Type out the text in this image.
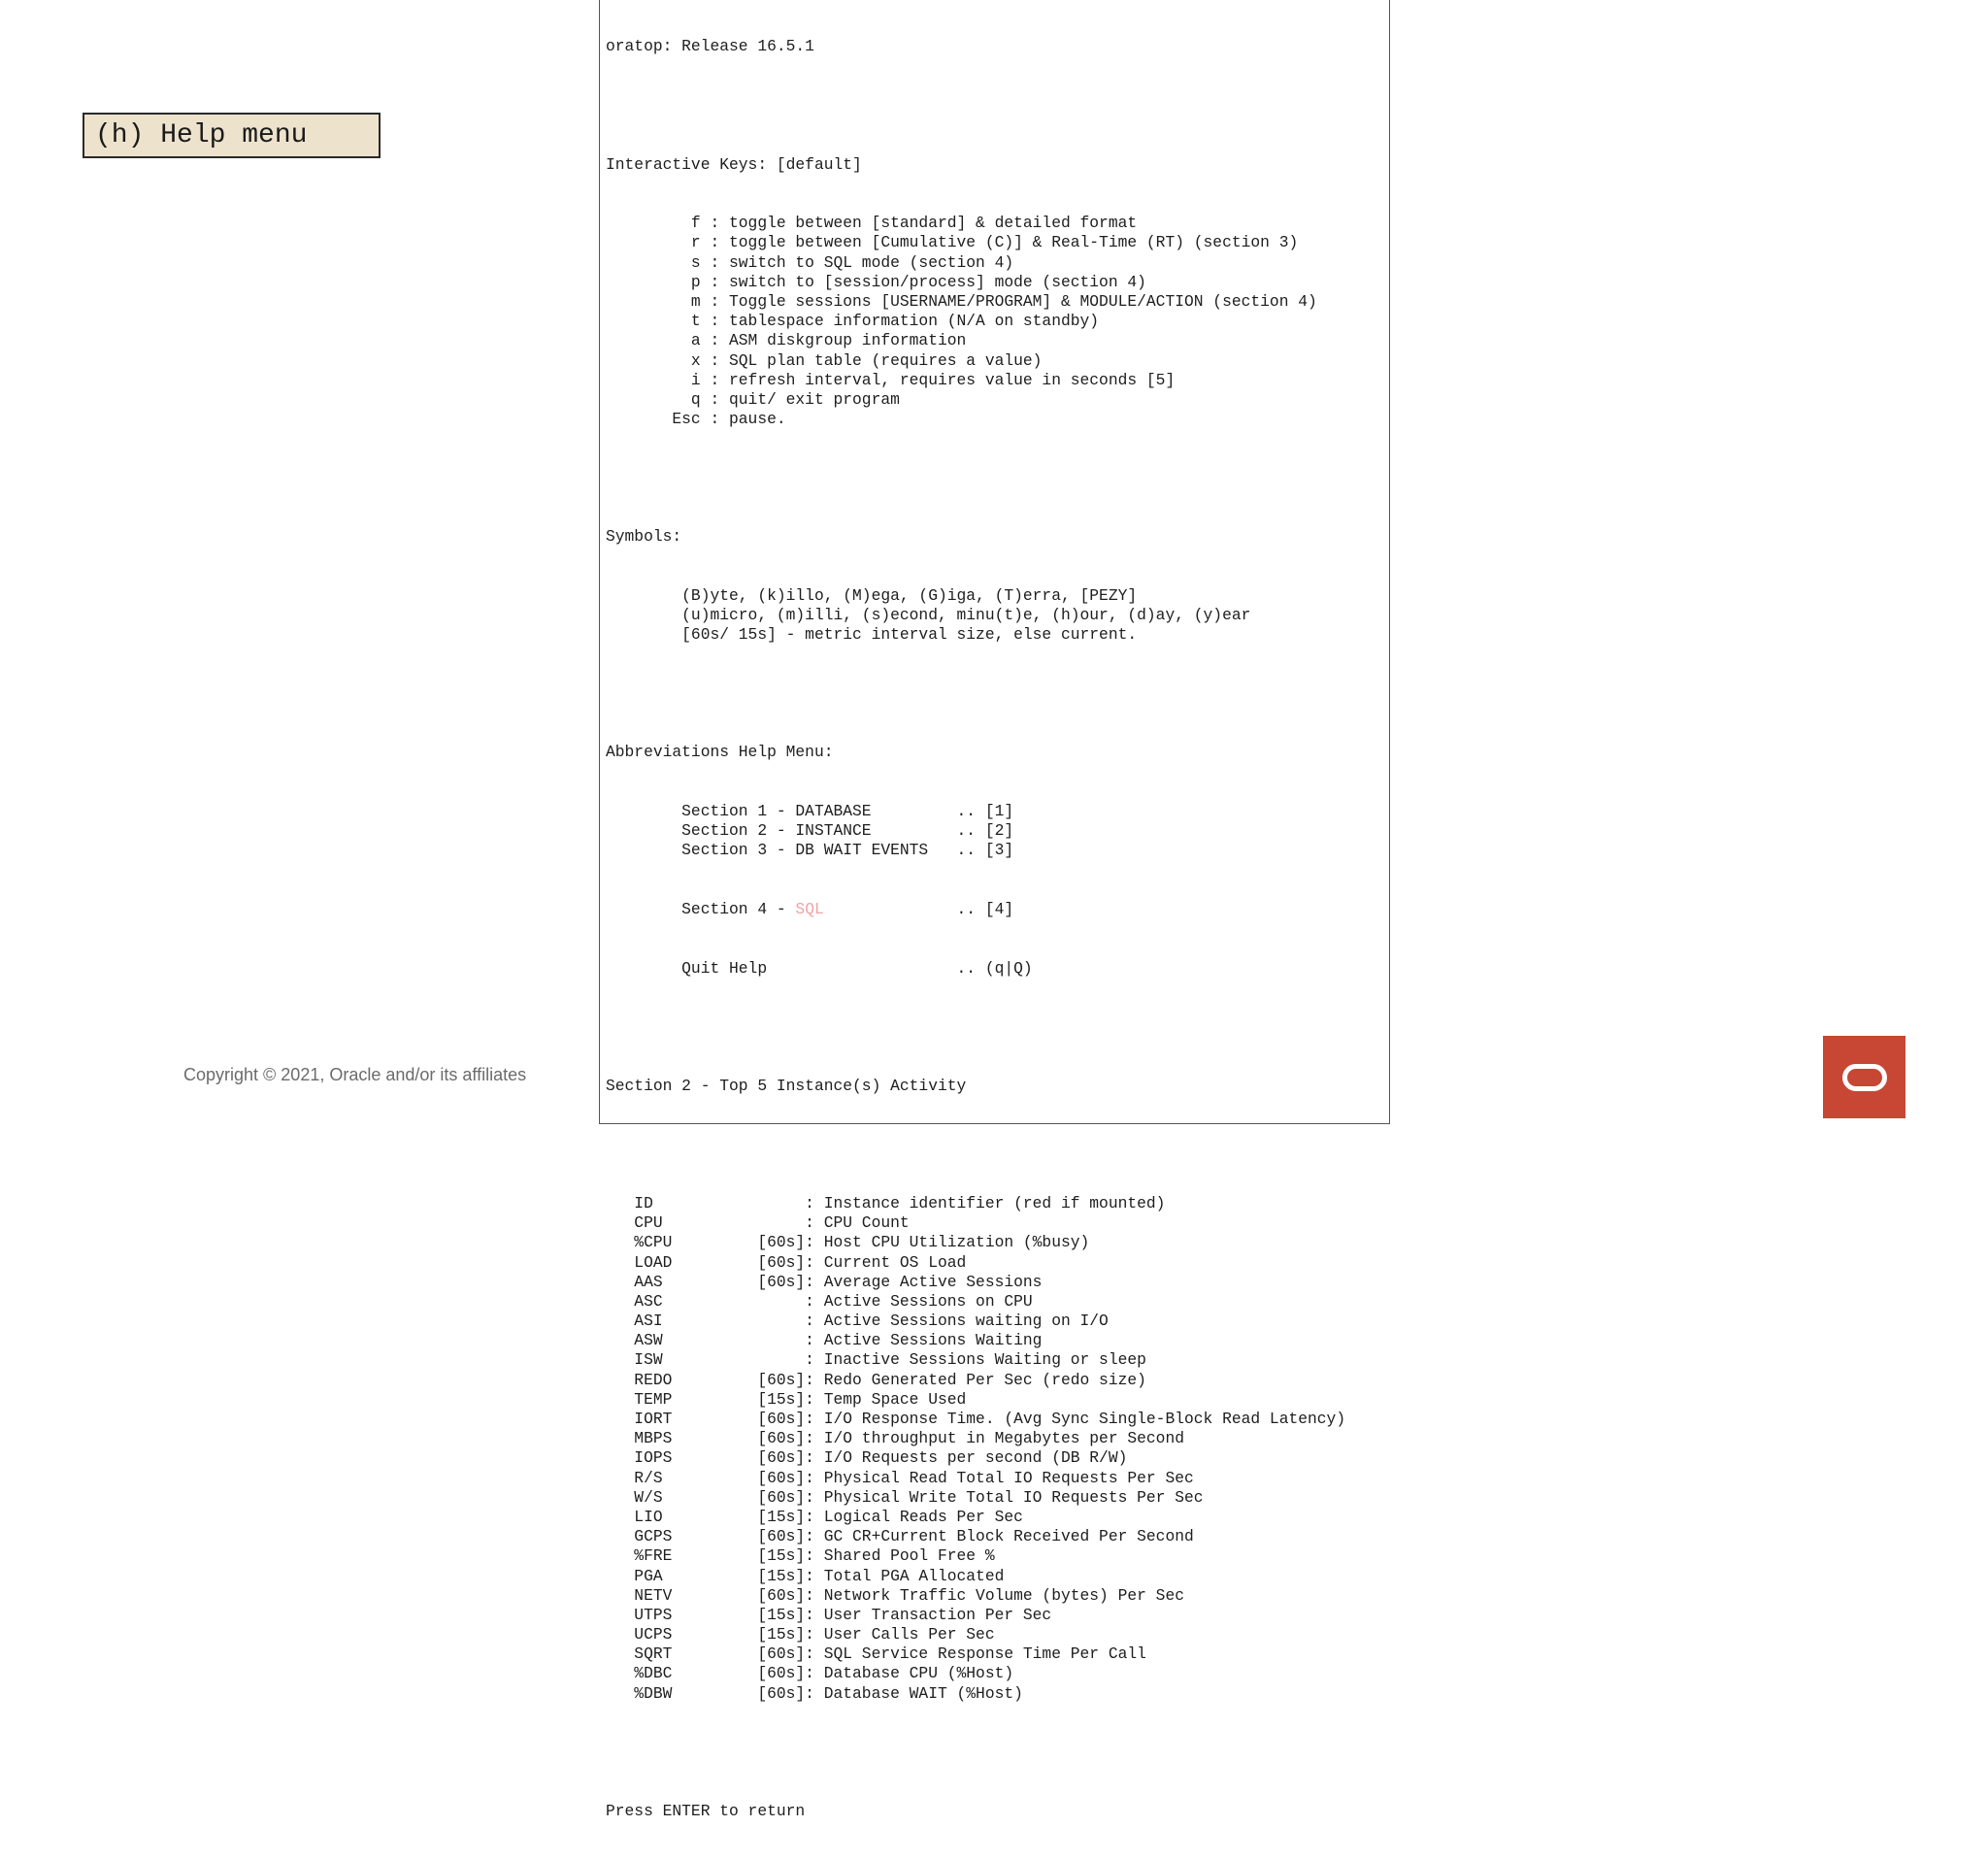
(h) Help menu
Copyright © 2021, Oracle and/or its affiliates

oratop: Release 16.5.1

Interactive Keys: [default]

f : toggle between [standard] & detailed format
r : toggle between [Cumulative (C)] & Real-Time (RT) (section 3)
s : switch to SQL mode (section 4)
p : switch to [session/process] mode (section 4)
m : Toggle sessions [USERNAME/PROGRAM] & MODULE/ACTION (section 4)
t : tablespace information (N/A on standby)
a : ASM diskgroup information
x : SQL plan table (requires a value)
i : refresh interval, requires value in seconds [5]
q : quit/ exit program
Esc : pause.

Symbols:

(B)yte, (k)illo, (M)ega, (G)iga, (T)erra, [PEZY]
(u)micro, (m)illi, (s)econd, minu(t)e, (h)our, (d)ay, (y)ear
[60s/ 15s] - metric interval size, else current.

Abbreviations Help Menu:

Section 1 - DATABASE         .. [1]
Section 2 - INSTANCE         .. [2]
Section 3 - DB WAIT EVENTS   .. [3]

Section 4 - SQL              .. [4]

Quit Help                    .. (q|Q)

Section 2 - Top 5 Instance(s) Activity

ID                : Instance identifier (red if mounted)
CPU               : CPU Count
%CPU         [60s]: Host CPU Utilization (%busy)
LOAD         [60s]: Current OS Load
AAS          [60s]: Average Active Sessions
ASC               : Active Sessions on CPU
ASI               : Active Sessions waiting on I/O
ASW               : Active Sessions Waiting
ISW               : Inactive Sessions Waiting or sleep
REDO         [60s]: Redo Generated Per Sec (redo size)
TEMP         [15s]: Temp Space Used
IORT         [60s]: I/O Response Time. (Avg Sync Single-Block Read Latency)
MBPS         [60s]: I/O throughput in Megabytes per Second
IOPS         [60s]: I/O Requests per second (DB R/W)
R/S          [60s]: Physical Read Total IO Requests Per Sec
W/S          [60s]: Physical Write Total IO Requests Per Sec
LIO          [15s]: Logical Reads Per Sec
GCPS         [60s]: GC CR+Current Block Received Per Second
%FRE         [15s]: Shared Pool Free %
PGA          [15s]: Total PGA Allocated
NETV         [60s]: Network Traffic Volume (bytes) Per Sec
UTPS         [15s]: User Transaction Per Sec
UCPS         [15s]: User Calls Per Sec
SQRT         [60s]: SQL Service Response Time Per Call
%DBC         [60s]: Database CPU (%Host)
%DBW         [60s]: Database WAIT (%Host)

Press ENTER to return
